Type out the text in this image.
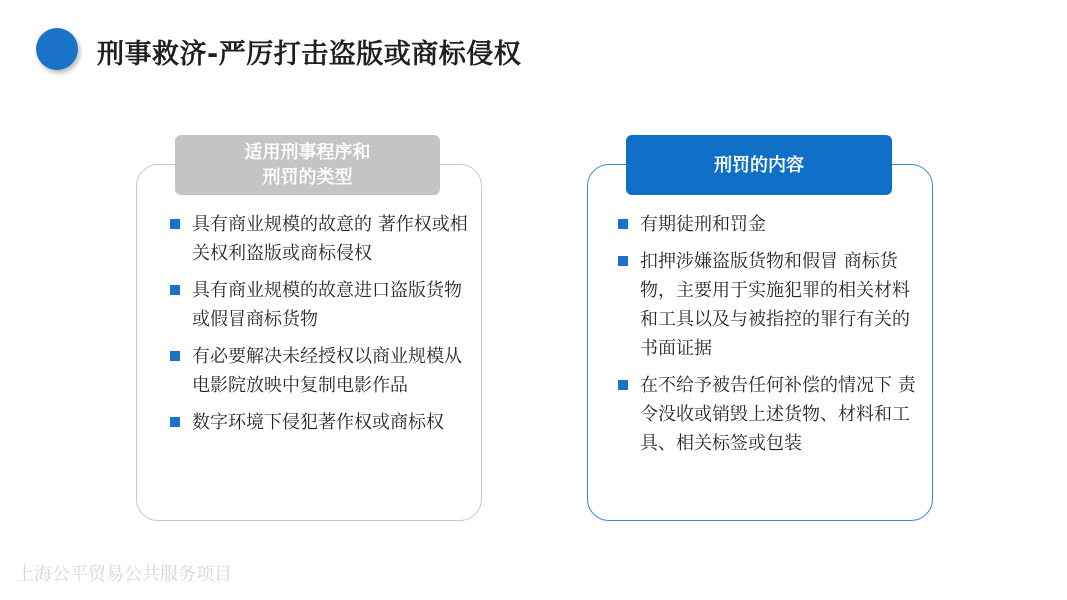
刑事救济-严厉打击盗版或商标侵权
适用刑事程序和
刑罚的类型
具有商业规模的故意的 著作权或相关权利盗版或商标侵权
具有商业规模的故意进口盗版货物或假冒商标货物
有必要解决未经授权以商业规模从电影院放映中复制电影作品
数字环境下侵犯著作权或商标权
刑罚的内容
有期徒刑和罚金
扣押涉嫌盗版货物和假冒 商标货物，主要用于实施犯罪的相关材料和工具以及与被指控的罪行有关的书面证据
在不给予被告任何补偿的情况下 责令没收或销毁上述货物、材料和工具、相关标签或包装
上海公平贸易公共服务项目
